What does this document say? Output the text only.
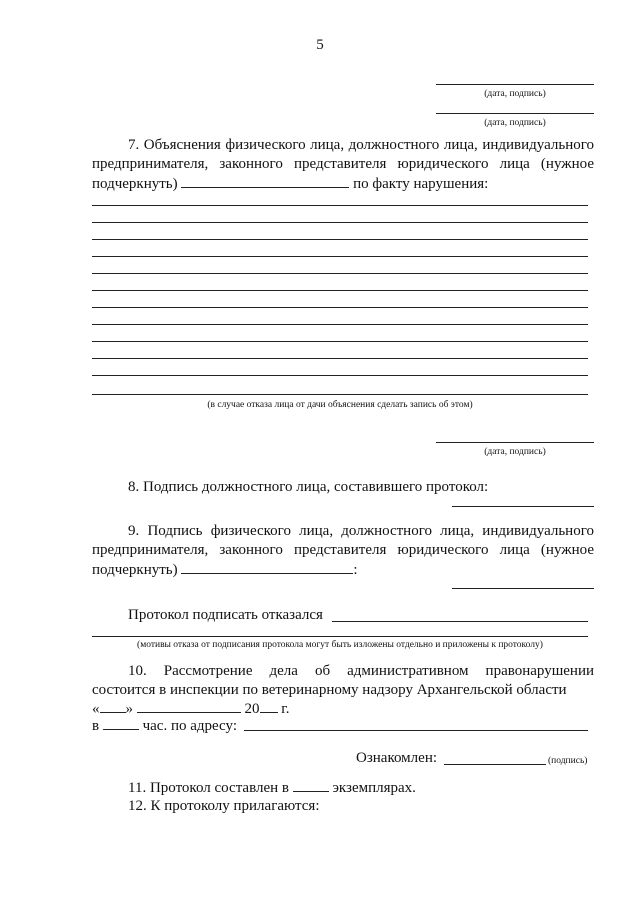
5
(дата, подпись)
(дата, подпись)
7. Объяснения физического лица, должностного лица, индивидуального
предпринимателя, законного представителя юридического лица (нужное
подчеркнуть)	по факту нарушения:
(в случае отказа лица от дачи объяснения сделать запись об этом)
(дата, подпись)
8. Подпись должностного лица, составившего протокол:
9. Подпись физического лица, должностного лица, индивидуального
предпринимателя, законного представителя юридического лица (нужное
подчеркнуть)	:
Протокол подписать отказался
(мотивы отказа от подписания протокола могут быть изложены отдельно и приложены к протоколу)
10. Рассмотрение дела об административном правонарушении
состоится в инспекции по ветеринарному надзору Архангельской области
« »	20 г.
в	час. по адресу:
Ознакомлен:	(подпись)
11. Протокол составлен в	экземплярах.
12. К протоколу прилагаются:
